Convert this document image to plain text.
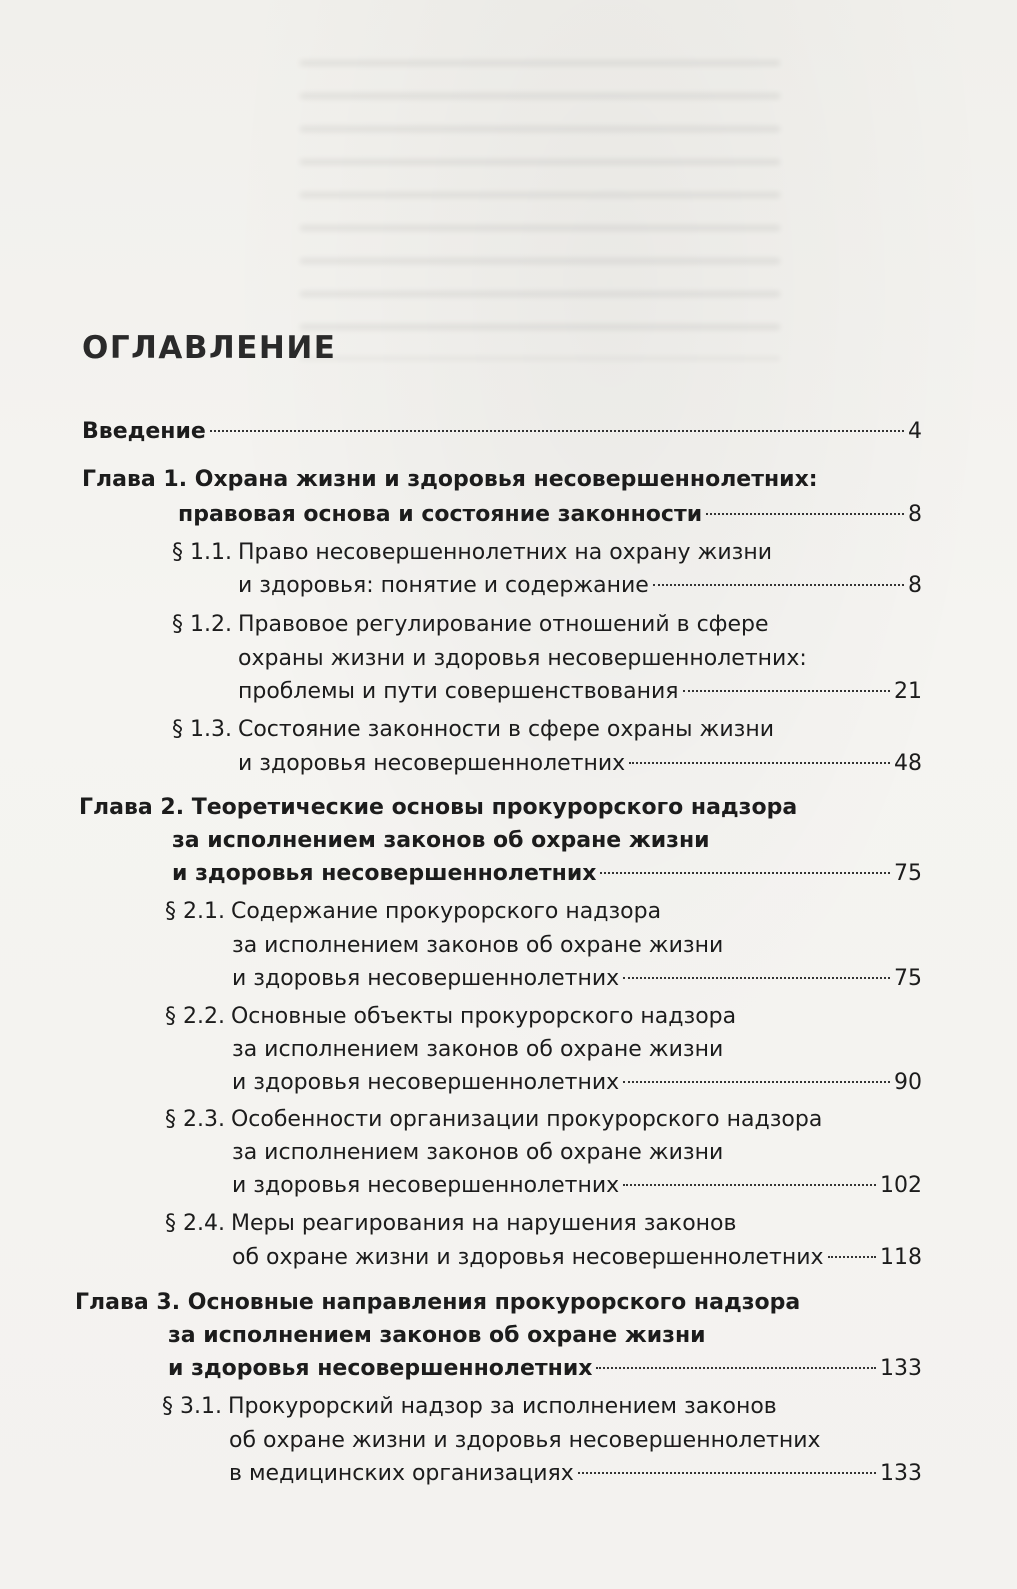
ОГЛАВЛЕНИЕ
Введение	4
Глава 1. Охрана жизни и здоровья несовершеннолетних:
правовая основа и состояние законности	8
§ 1.1. Право несовершеннолетних на охрану жизни
и здоровья: понятие и содержание	8
§ 1.2. Правовое регулирование отношений в сфере
охраны жизни и здоровья несовершеннолетних:
проблемы и пути совершенствования	21
§ 1.3. Состояние законности в сфере охраны жизни
и здоровья несовершеннолетних	48
Глава 2. Теоретические основы прокурорского надзора
за исполнением законов об охране жизни
и здоровья несовершеннолетних	75
§ 2.1. Содержание прокурорского надзора
за исполнением законов об охране жизни
и здоровья несовершеннолетних	75
§ 2.2. Основные объекты прокурорского надзора
за исполнением законов об охране жизни
и здоровья несовершеннолетних	90
§ 2.3. Особенности организации прокурорского надзора
за исполнением законов об охране жизни
и здоровья несовершеннолетних	102
§ 2.4. Меры реагирования на нарушения законов
об охране жизни и здоровья несовершеннолетних	118
Глава 3. Основные направления прокурорского надзора
за исполнением законов об охране жизни
и здоровья несовершеннолетних	133
§ 3.1. Прокурорский надзор за исполнением законов
об охране жизни и здоровья несовершеннолетних
в медицинских организациях	133
